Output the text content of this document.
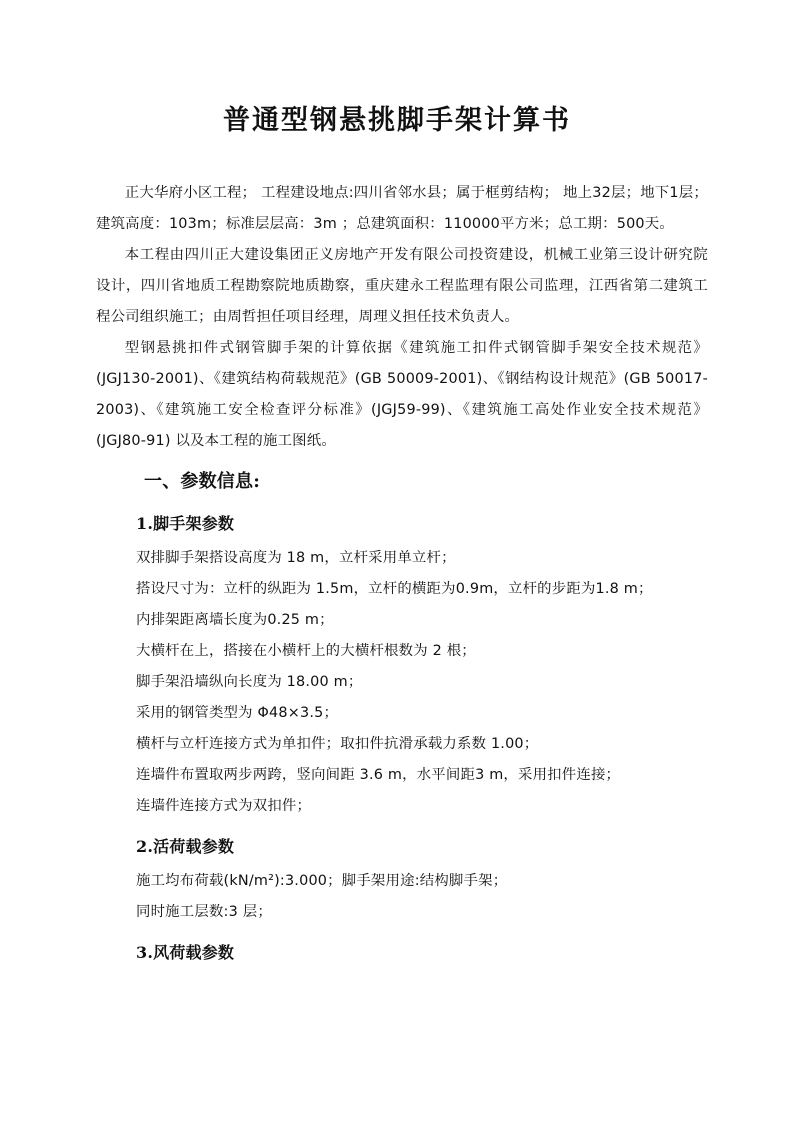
普通型钢悬挑脚手架计算书

正大华府小区工程； 工程建设地点:四川省邻水县；属于框剪结构； 地上32层；地下1层；建筑高度：103m；标准层层高：3m ；总建筑面积：110000平方米；总工期：500天。

本工程由四川正大建设集团正义房地产开发有限公司投资建设，机械工业第三设计研究院设计，四川省地质工程勘察院地质勘察，重庆建永工程监理有限公司监理，江西省第二建筑工程公司组织施工；由周哲担任项目经理，周理义担任技术负责人。

型钢悬挑扣件式钢管脚手架的计算依据《建筑施工扣件式钢管脚手架安全技术规范》(JGJ130-2001)、《建筑结构荷载规范》(GB 50009-2001)、《钢结构设计规范》(GB 50017-2003)、《建筑施工安全检查评分标准》(JGJ59-99)、《建筑施工高处作业安全技术规范》(JGJ80-91) 以及本工程的施工图纸。

一、参数信息:
1.脚手架参数
双排脚手架搭设高度为 18 m，立杆采用单立杆；
搭设尺寸为：立杆的纵距为 1.5m，立杆的横距为0.9m，立杆的步距为1.8 m；
内排架距离墙长度为0.25 m；
大横杆在上，搭接在小横杆上的大横杆根数为 2 根；
脚手架沿墙纵向长度为 18.00 m；
采用的钢管类型为 Φ48×3.5；
横杆与立杆连接方式为单扣件；取扣件抗滑承载力系数 1.00；
连墙件布置取两步两跨，竖向间距 3.6 m，水平间距3 m，采用扣件连接；
连墙件连接方式为双扣件；
2.活荷载参数
施工均布荷载(kN/m²):3.000；脚手架用途:结构脚手架；
同时施工层数:3 层；
3.风荷载参数
